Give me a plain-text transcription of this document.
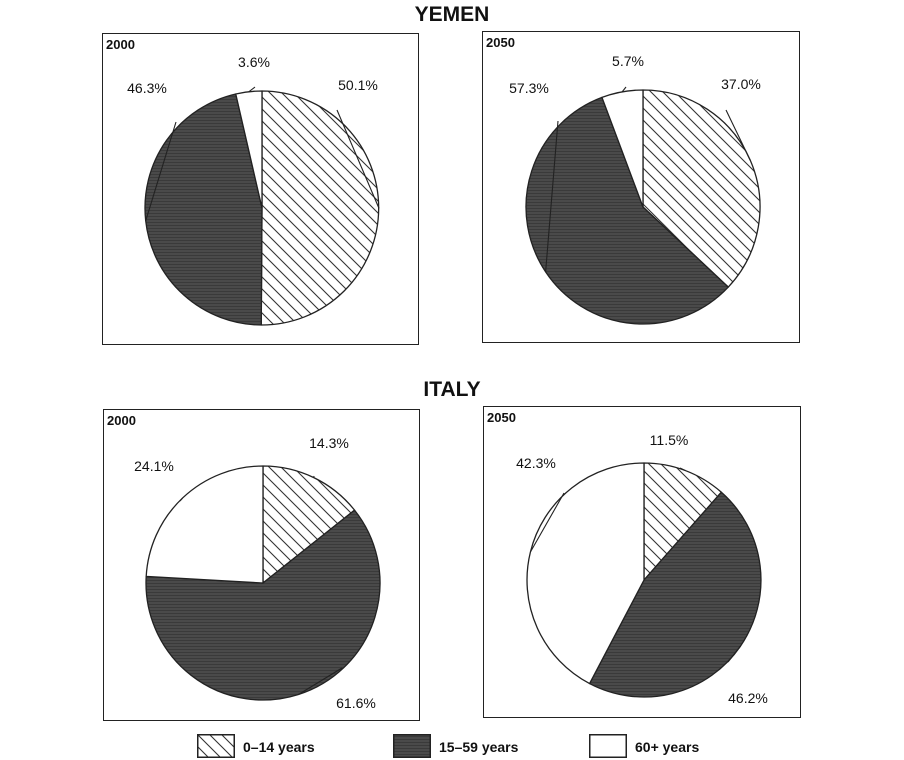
YEMEN
ITALY
2000
50.1%
46.3%
3.6%
2050
37.0%
57.3%
5.7%
2000
14.3%
61.6%
24.1%
2050
11.5%
46.2%
42.3%
0–14 years	15–59 years	60+ years
